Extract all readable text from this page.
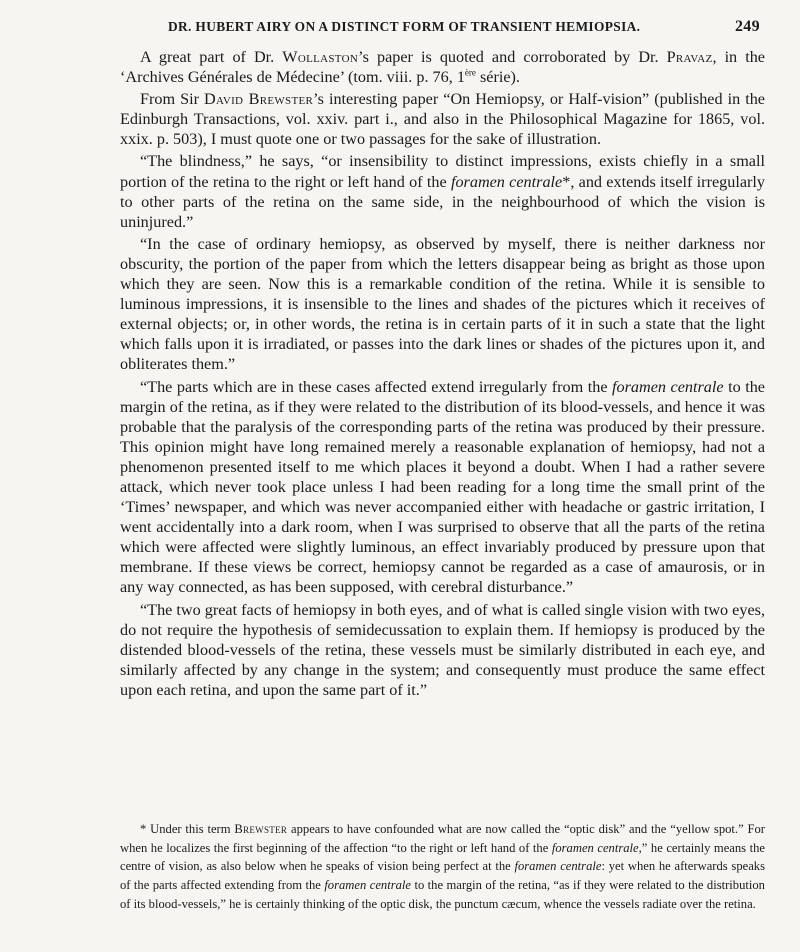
DR. HUBERT AIRY ON A DISTINCT FORM OF TRANSIENT HEMIOPSIA.	249

A great part of Dr. Wollaston’s paper is quoted and corroborated by Dr. Pravaz, in the ‘Archives Générales de Médecine’ (tom. viii. p. 76, 1ère série).

From Sir David Brewster’s interesting paper “On Hemiopsy, or Half-vision” (published in the Edinburgh Transactions, vol. xxiv. part i., and also in the Philosophical Magazine for 1865, vol. xxix. p. 503), I must quote one or two passages for the sake of illustration.

“The blindness,” he says, “or insensibility to distinct impressions, exists chiefly in a small portion of the retina to the right or left hand of the foramen centrale*, and extends itself irregularly to other parts of the retina on the same side, in the neighbourhood of which the vision is uninjured.”

“In the case of ordinary hemiopsy, as observed by myself, there is neither darkness nor obscurity, the portion of the paper from which the letters disappear being as bright as those upon which they are seen. Now this is a remarkable condition of the retina. While it is sensible to luminous impressions, it is insensible to the lines and shades of the pictures which it receives of external objects; or, in other words, the retina is in certain parts of it in such a state that the light which falls upon it is irradiated, or passes into the dark lines or shades of the pictures upon it, and obliterates them.”

“The parts which are in these cases affected extend irregularly from the foramen centrale to the margin of the retina, as if they were related to the distribution of its blood-vessels, and hence it was probable that the paralysis of the corresponding parts of the retina was produced by their pressure. This opinion might have long remained merely a reasonable explanation of hemiopsy, had not a phenomenon presented itself to me which places it beyond a doubt. When I had a rather severe attack, which never took place unless I had been reading for a long time the small print of the ‘Times’ newspaper, and which was never accompanied either with headache or gastric irritation, I went accidentally into a dark room, when I was surprised to observe that all the parts of the retina which were affected were slightly luminous, an effect invariably produced by pressure upon that membrane. If these views be correct, hemiopsy cannot be regarded as a case of amaurosis, or in any way connected, as has been supposed, with cerebral disturbance.”

“The two great facts of hemiopsy in both eyes, and of what is called single vision with two eyes, do not require the hypothesis of semidecussation to explain them. If hemiopsy is produced by the distended blood-vessels of the retina, these vessels must be similarly distributed in each eye, and similarly affected by any change in the system; and consequently must produce the same effect upon each retina, and upon the same part of it.”

* Under this term Brewster appears to have confounded what are now called the “optic disk” and the “yellow spot.” For when he localizes the first beginning of the affection “to the right or left hand of the foramen centrale,” he certainly means the centre of vision, as also below when he speaks of vision being perfect at the foramen centrale: yet when he afterwards speaks of the parts affected extending from the foramen centrale to the margin of the retina, “as if they were related to the distribution of its blood-vessels,” he is certainly thinking of the optic disk, the punctum cæcum, whence the vessels radiate over the retina.
